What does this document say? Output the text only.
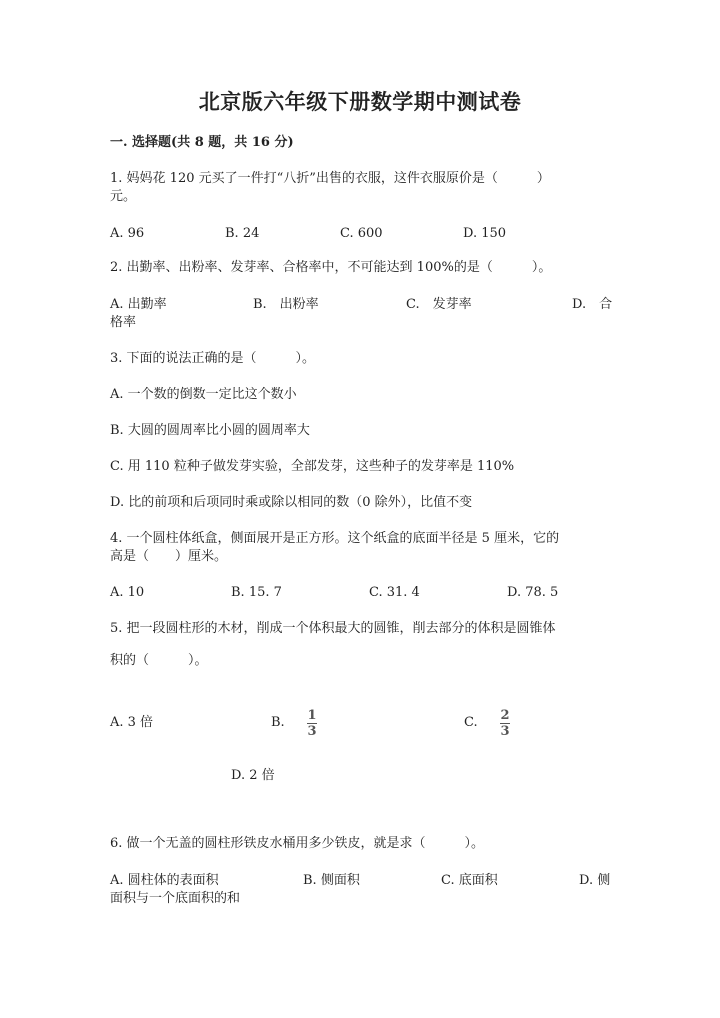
北京版六年级下册数学期中测试卷
一. 选择题(共 8 题，共 16 分)
1. 妈妈花 120 元买了一件打“八折”出售的衣服，这件衣服原价是（　　　）
元。
A. 96	B. 24	C. 600	D. 150
2. 出勤率、出粉率、发芽率、合格率中，不可能达到 100%的是（　　　）。
A. 出勤率	B.　出粉率	C.　发芽率	D.　合
格率
3. 下面的说法正确的是（　　　）。
A. 一个数的倒数一定比这个数小
B. 大圆的圆周率比小圆的圆周率大
C. 用 110 粒种子做发芽实验，全部发芽，这些种子的发芽率是 110%
D. 比的前项和后项同时乘或除以相同的数（0 除外），比值不变
4. 一个圆柱体纸盒，侧面展开是正方形。这个纸盒的底面半径是 5 厘米，它的
高是（　　）厘米。
A. 10	B. 15. 7	C. 31. 4	D. 78. 5
5. 把一段圆柱形的木材，削成一个体积最大的圆锥，削去部分的体积是圆锥体
积的（　　　）。
A. 3 倍	B. 1
3
C. 2
3
D. 2 倍
6. 做一个无盖的圆柱形铁皮水桶用多少铁皮，就是求（　　　）。
A. 圆柱体的表面积	B. 侧面积	C. 底面积	D. 侧
面积与一个底面积的和
